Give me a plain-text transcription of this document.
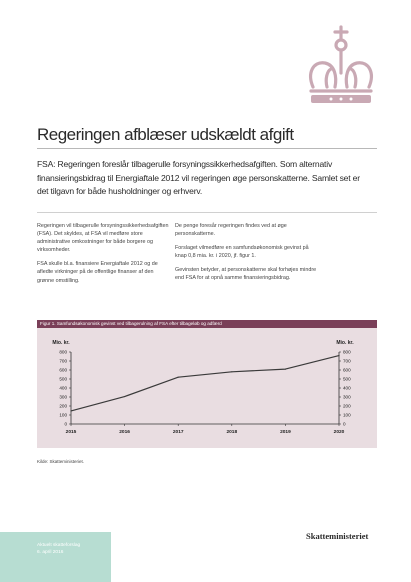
Regeringen afblæser udskældt afgift
FSA: Regeringen foreslår tilbagerulle forsyningssikkerhedsafgiften. Som alternativ finansieringsbidrag til Energiaftale 2012 vil regeringen øge personskatterne. Samlet set er det tilgavn for både husholdninger og erhverv.

Regeringen vil tilbagerulle forsyningssikkerhedsafgiften (FSA). Det skyldes, at FSA vil medføre store administrative omkostninger for både borgere og virksomheder.

FSA skulle bl.a. finansiere Energiaftale 2012 og de afledte virkninger på de offentlige finanser af den grønne omstilling.

De penge foresår regeringen findes ved at øge personskatterne.

Forslaget vilmedføre en samfundsøkonomisk gevinst på knap 0,8 mia. kr. i 2020, jf. figur 1.

Gevinsten betyder, at personskatterne skal forhøjes mindre end FSA for at opnå samme finansieringsbidrag.

Figur 1. Samfundsøkonomisk gevinst ved tilbagerulning af FSA efter tilbageløb og adfærd
Mio. kr.	Mio. kr.
0	0
100	100
200	200
300	300
400	400
500	500
600	600
700	700
800	800
2015	2016	2017	2018	2019	2020
Kilde: Skatteministeriet.
Aktuelt skatteforslag
6. april 2016
Skatteministeriet
